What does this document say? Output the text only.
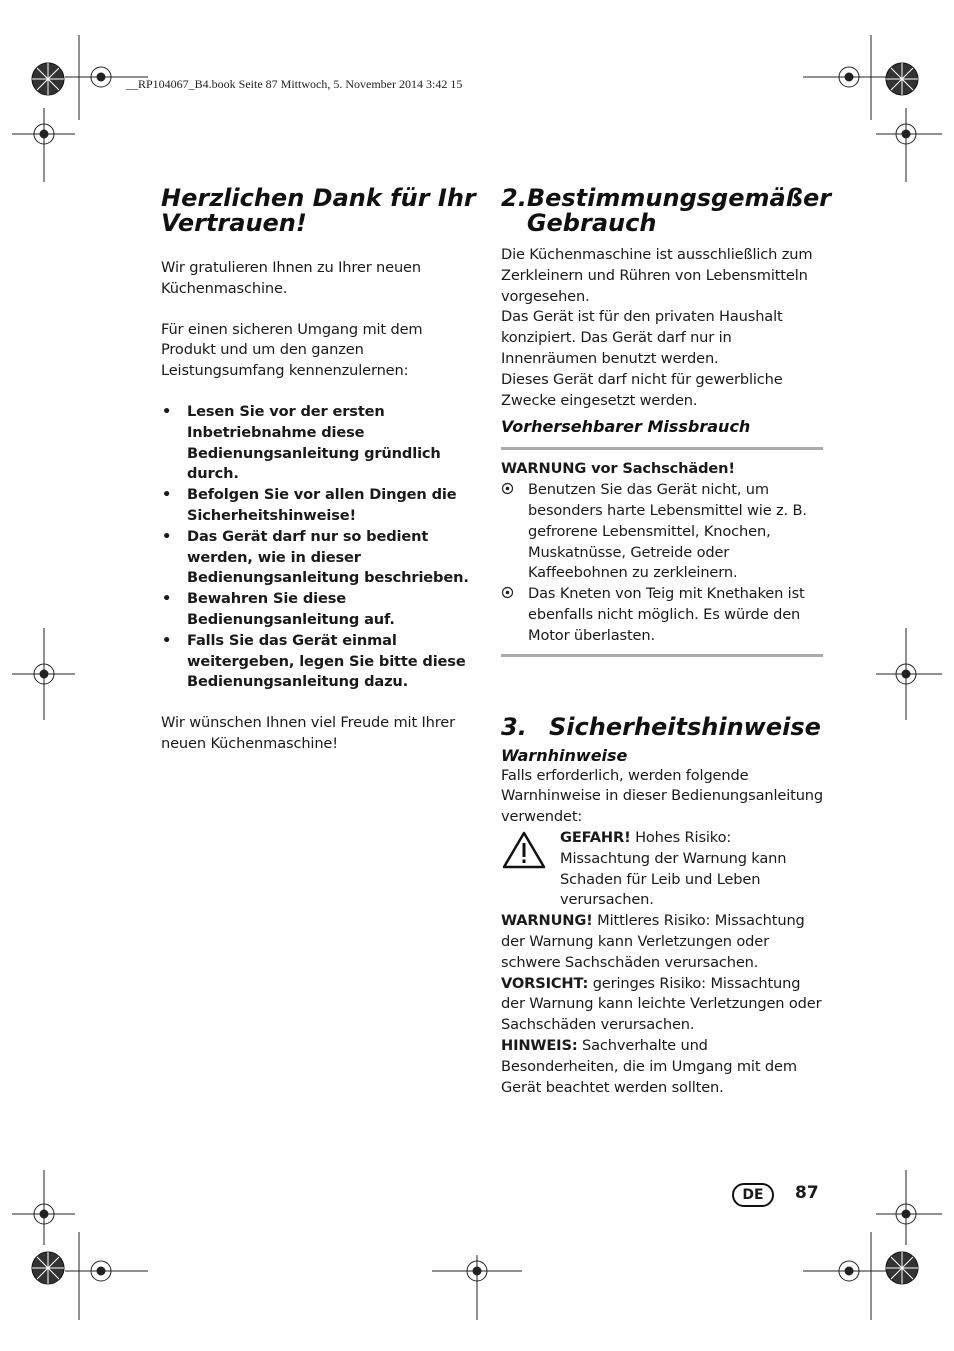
__RP104067_B4.book Seite 87 Mittwoch, 5. November 2014 3:42 15
Herzlichen Dank für Ihr Vertrauen!

Wir gratulieren Ihnen zu Ihrer neuen Küchenmaschine.

Für einen sicheren Umgang mit dem Produkt und um den ganzen Leistungsumfang kennenzulernen:

• Lesen Sie vor der ersten Inbetriebnahme diese Bedienungsanleitung gründlich durch.
• Befolgen Sie vor allen Dingen die Sicherheitshinweise!
• Das Gerät darf nur so bedient werden, wie in dieser Bedienungsanleitung beschrieben.
• Bewahren Sie diese Bedienungsanleitung auf.
• Falls Sie das Gerät einmal weitergeben, legen Sie bitte diese Bedienungsanleitung dazu.

Wir wünschen Ihnen viel Freude mit Ihrer neuen Küchenmaschine!

2. Bestimmungsgemäßer Gebrauch

Die Küchenmaschine ist ausschließlich zum Zerkleinern und Rühren von Lebensmitteln vorgesehen.

Das Gerät ist für den privaten Haushalt konzipiert. Das Gerät darf nur in Innenräumen benutzt werden.

Dieses Gerät darf nicht für gewerbliche Zwecke eingesetzt werden.

Vorhersehbarer Missbrauch

WARNUNG vor Sachschäden!

Benutzen Sie das Gerät nicht, um besonders harte Lebensmittel wie z. B. gefrorene Lebensmittel, Knochen, Muskatnüsse, Getreide oder Kaffeebohnen zu zerkleinern.
Das Kneten von Teig mit Knethaken ist ebenfalls nicht möglich. Es würde den Motor überlasten.
3. Sicherheitshinweise
Warnhinweise

Falls erforderlich, werden folgende Warnhinweise in dieser Bedienungsanleitung verwendet:

GEFAHR! Hohes Risiko: Missachtung der Warnung kann Schaden für Leib und Leben verursachen.

WARNUNG! Mittleres Risiko: Missachtung der Warnung kann Verletzungen oder schwere Sachschäden verursachen.

VORSICHT: geringes Risiko: Missachtung der Warnung kann leichte Verletzungen oder Sachschäden verursachen.

HINWEIS: Sachverhalte und Besonderheiten, die im Umgang mit dem Gerät beachtet werden sollten.

DE	87
